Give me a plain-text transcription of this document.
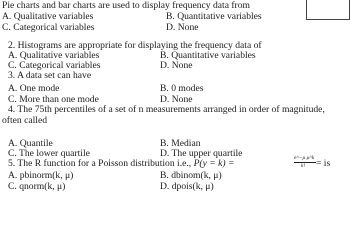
Pie charts and bar charts are used to display frequency data from
A. Qualitative variables	B. Quantitative variables
C. Categorical variables	D. None
2. Histograms are appropriate for displaying the frequency data of
A. Qualitative variables	B. Quantitative variables
C. Categorical variables	D. None
3. A data set can have
A. One mode	B. 0 modes
C. More than one mode	D. None
4. The 75th percentiles of a set of n measurements arranged in order of magnitude,
often called
A. Quantile	B. Median
C. The lower quartile	D. The upper quartile
5. The R function for a Poisson distribution i.e., P(y = k) =	e^−μ μ^k
k! = is
A. pbinorm(k, μ)	B. dbinom(k, μ)
C. qnorm(k, μ)	D. dpois(k, μ)
